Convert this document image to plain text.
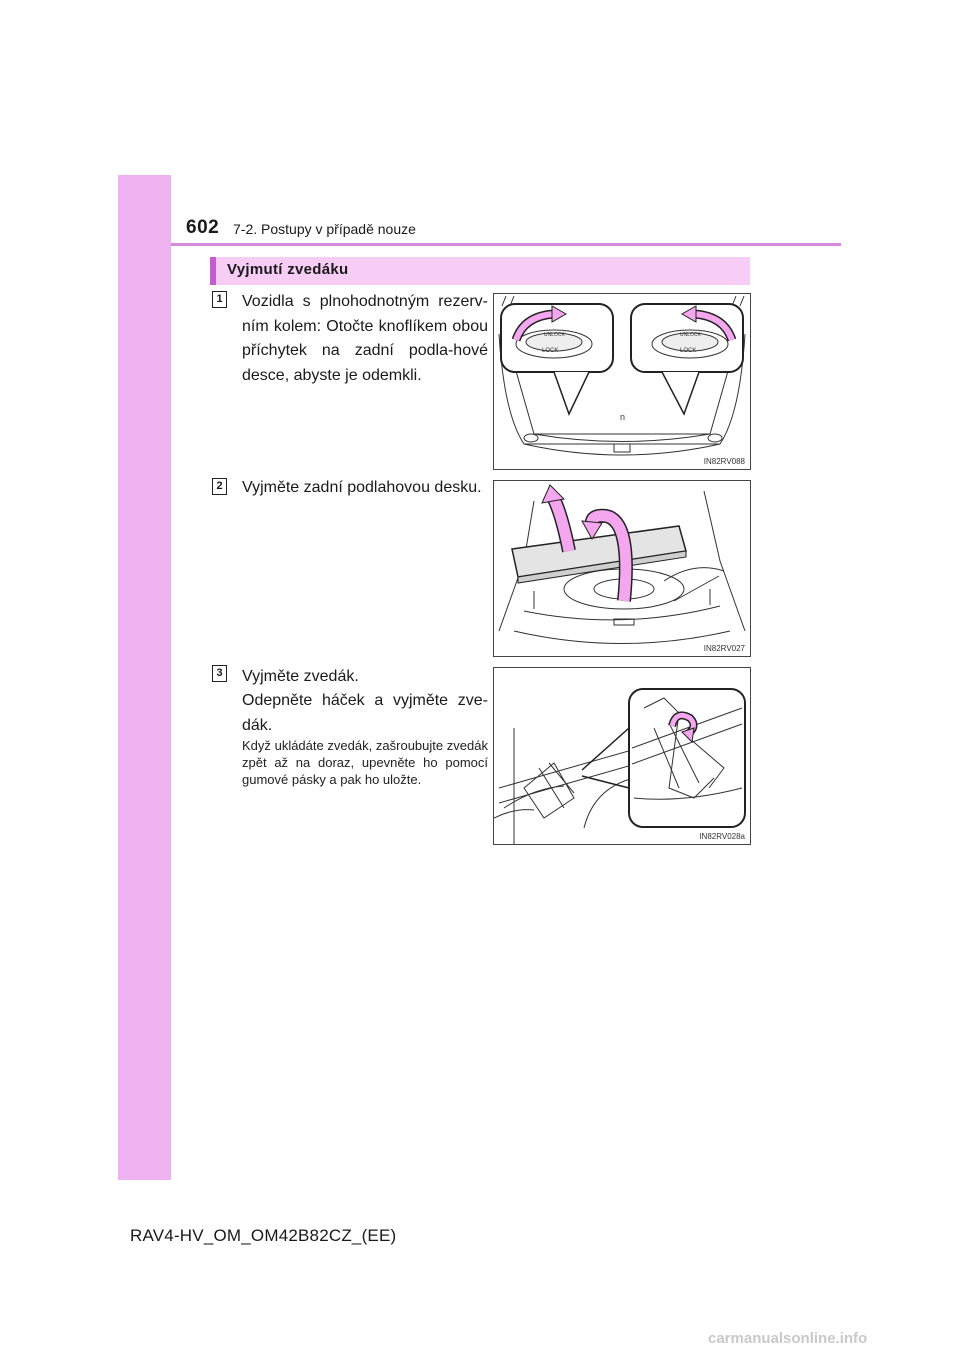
602 7-2. Postupy v případě nouze
Vyjmutí zvedáku
1 Vozidla s plnohodnotným rezerv-ním kolem: Otočte knoflíkem obou příchytek na zadní podla-hové desce, abyste je odemkli.
LOCK	LOCK
UNLOCK	UNLOCK
n
IN82RV088
2 Vyjměte zadní podlahovou desku.
IN82RV027
3 Vyjměte zvedák.
Odepněte háček a vyjměte zve-dák.
Když ukládáte zvedák, zašroubujte zvedák zpět až na doraz, upevněte ho pomocí gumové pásky a pak ho uložte.
IN82RV028a
RAV4-HV_OM_OM42B82CZ_(EE)
carmanualsonline.info
